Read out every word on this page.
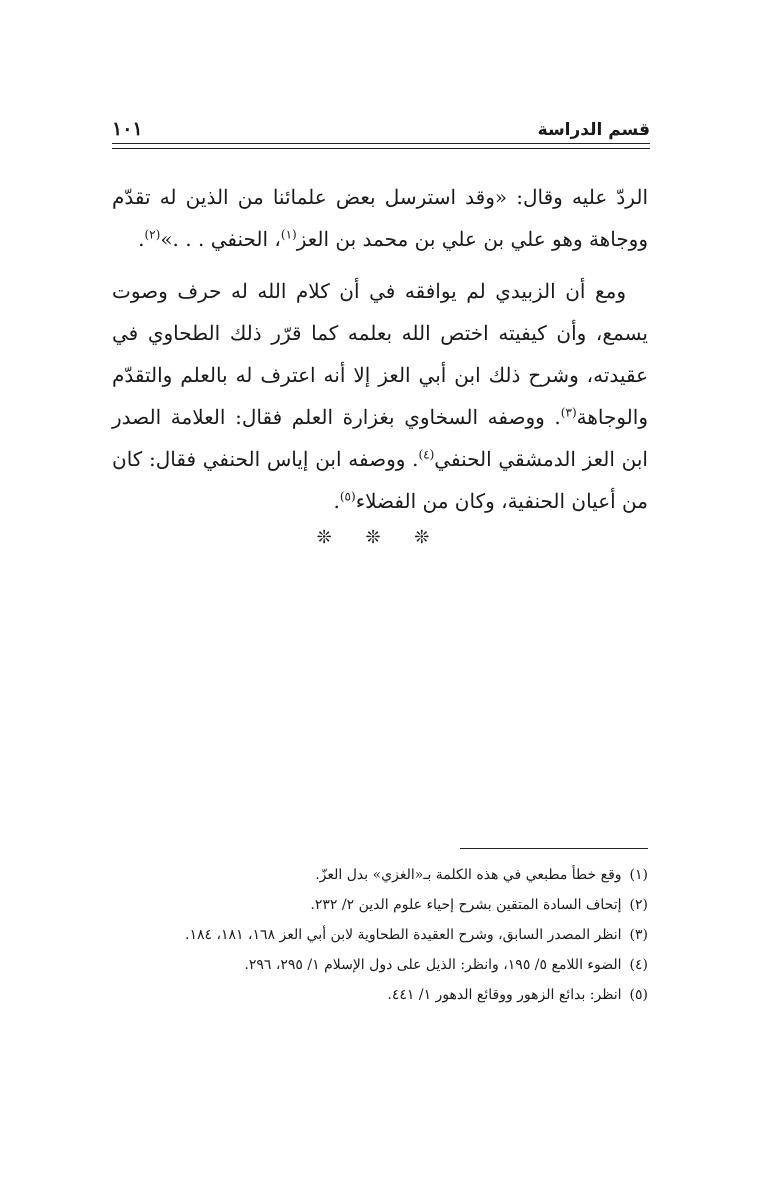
قسم الدراسة
١٠١

الردّ عليه وقال: «وقد استرسل بعض علمائنا من الذين له تقدّم ووجاهة وهو علي بن علي بن محمد بن العز$^{(١)}$، الحنفي . . .»$^{(٢)}$.

ومع أن الزبيدي لم يوافقه في أن كلام الله له حرف وصوت يسمع، وأن كيفيته اختص الله بعلمه كما قرّر ذلك الطحاوي في عقيدته، وشرح ذلك ابن أبي العز إلا أنه اعترف له بالعلم والتقدّم والوجاهة$^{(٣)}$. ووصفه السخاوي بغزارة العلم فقال: العلامة الصدر ابن العز الدمشقي الحنفي$^{(٤)}$. ووصفه ابن إياس الحنفي فقال: كان من أعيان الحنفية، وكان من الفضلاء$^{(٥)}$.

❊ ❊ ❊
(١)وقع خطأ مطبعي في هذه الكلمة بـ«الغزي» بدل العزّ.
(٢)إتحاف السادة المتقين بشرح إحياء علوم الدين ٢/ ٢٣٢.
(٣)انظر المصدر السابق، وشرح العقيدة الطحاوية لابن أبي العز ١٦٨، ١٨١، ١٨٤.
(٤)الضوء اللامع ٥/ ١٩٥، وانظر: الذيل على دول الإسلام ١/ ٢٩٥، ٢٩٦.
(٥)انظر: بدائع الزهور ووقائع الدهور ١/ ٤٤١.
